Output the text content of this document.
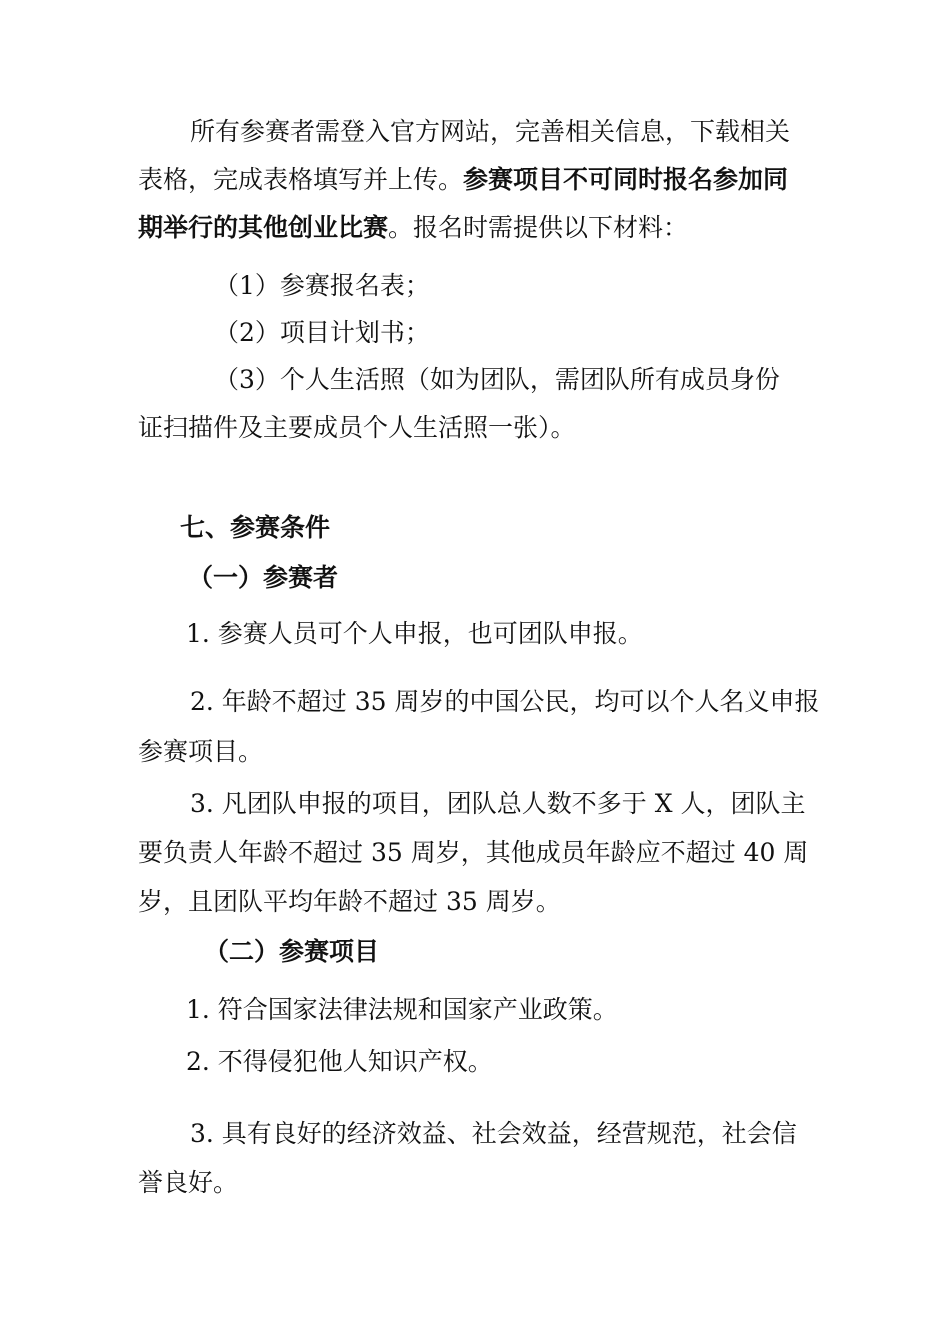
所有参赛者需登入官方网站，完善相关信息，下载相关

表格，完成表格填写并上传。参赛项目不可同时报名参加同

期举行的其他创业比赛。报名时需提供以下材料：

（1）参赛报名表；

（2）项目计划书；

（3）个人生活照（如为团队，需团队所有成员身份

证扫描件及主要成员个人生活照一张）。

七、参赛条件

（一）参赛者

1. 参赛人员可个人申报，也可团队申报。

2. 年龄不超过 35 周岁的中国公民，均可以个人名义申报

参赛项目。

3. 凡团队申报的项目，团队总人数不多于 X 人，团队主

要负责人年龄不超过 35 周岁，其他成员年龄应不超过 40 周

岁，且团队平均年龄不超过 35 周岁。

（二）参赛项目

1. 符合国家法律法规和国家产业政策。

2. 不得侵犯他人知识产权。

3. 具有良好的经济效益、社会效益，经营规范，社会信

誉良好。
